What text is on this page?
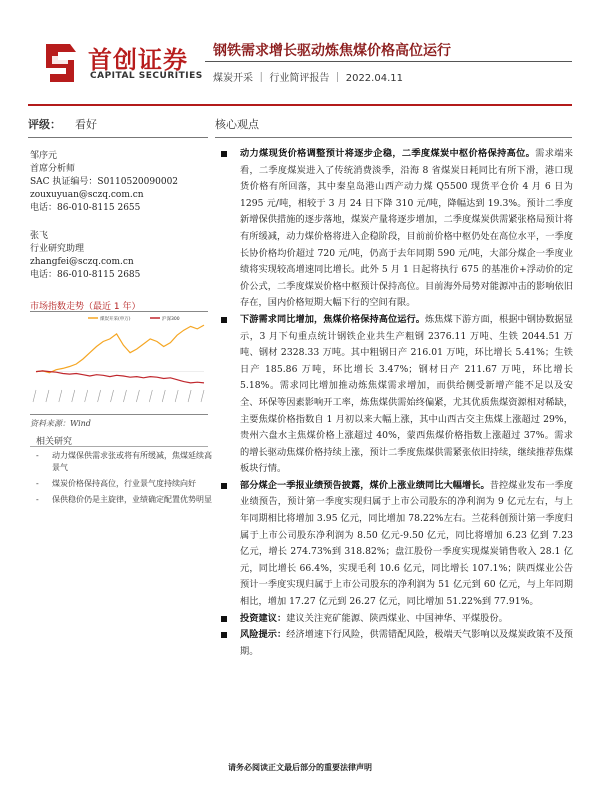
首创证券
CAPITAL SECURITIES
钢铁需求增长驱动炼焦煤价格高位运行
煤炭开采 ｜ 行业简评报告 ｜ 2022.04.11
评级： 看好
邹序元
首席分析师
SAC 执证编号：S0110520090002
zouxuyuan@sczq.com.cn
电话：86-010-8115 2655
张飞
行业研究助理
zhangfei@sczq.com.cn
电话：86-010-8115 2685
市场指数走势（最近 1 年）
煤炭开采(申万)	沪深300
资料来源：Wind
相关研究
- 动力煤保供需求张或将有所缓减，焦煤延续高景气
- 煤炭价格保持高位，行业景气度持续向好
- 保供稳价仍是主旋律，业绩确定配置优势明显
核心观点
动力煤现货价格调整预计将逐步企稳，二季度煤炭中枢价格保持高位。需求端来看，二季度煤炭进入了传统消费淡季，沿海 8 省煤炭日耗同比有所下滑，港口现货价格有所回落，其中秦皇岛港山西产动力煤 Q5500 现货平仓价 4 月 6 日为 1295 元/吨，相较于 3 月 24 日下降 310 元/吨，降幅达到 19.3%。预计二季度新增保供措施的逐步落地，煤炭产量将逐步增加，二季度煤炭供需紧张格局预计将有所缓减，动力煤价格将进入企稳阶段，目前前价格中枢仍处在高位水平，一季度长协价格均价超过 720 元/吨，仍高于去年同期 590 元/吨，大部分煤企一季度业绩将实现较高增速同比增长。此外 5 月 1 日起将执行 675 的基准价+浮动价的定价公式，二季度煤炭价格中枢预计保持高位。目前海外局势对能源冲击的影响依旧存在，国内价格短期大幅下行的空间有限。
下游需求同比增加，焦煤价格保持高位运行。炼焦煤下游方面，根据中钢协数据显示，3 月下旬重点统计钢铁企业共生产粗钢 2376.11 万吨、生铁 2044.51 万吨、钢材 2328.33 万吨。其中粗钢日产 216.01 万吨，环比增长 5.41%；生铁日产 185.86 万吨，环比增长 3.47%；钢材日产 211.67 万吨，环比增长 5.18%。需求同比增加推动炼焦煤需求增加，而供给侧受新增产能不足以及安全、环保等因素影响开工率，炼焦煤供需始终偏紧，尤其优质焦煤资源相对稀缺，主要焦煤价格指数自 1 月初以来大幅上涨，其中山西古交主焦煤上涨超过 29%，贵州六盘水主焦煤价格上涨超过 40%，蒙西焦煤价格指数上涨超过 37%。需求的增长驱动焦煤价格持续上涨，预计二季度焦煤供需紧张依旧持续，继续推荐焦煤板块行情。
部分煤企一季报业绩预告披露，煤价上涨业绩同比大幅增长。昔控煤业发布一季度业绩预告，预计第一季度实现归属于上市公司股东的净利润为 9 亿元左右，与上年同期相比将增加 3.95 亿元，同比增加 78.22%左右。兰花科创预计第一季度归属于上市公司股东净利润为 8.50 亿元-9.50 亿元，同比将增加 6.23 亿到 7.23 亿元，增长 274.73%到 318.82%；盘江股份一季度实现煤炭销售收入 28.1 亿元，同比增长 66.4%，实现毛利 10.6 亿元，同比增长 107.1%；陕西煤业公告预计一季度实现归属于上市公司股东的净利润为 51 亿元到 60 亿元，与上年同期相比，增加 17.27 亿元到 26.27 亿元，同比增加 51.22%到 77.91%。
投资建议：建议关注兖矿能源、陕西煤业、中国神华、平煤股份。
风险提示：经济增速下行风险，供需错配风险，极端天气影响以及煤炭政策不及预期。
请务必阅读正文最后部分的重要法律声明
